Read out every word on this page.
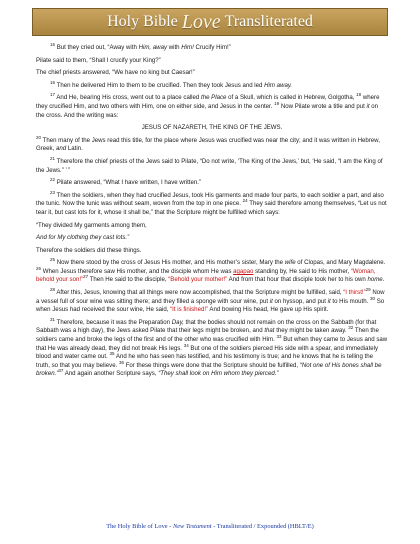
Holy Bible Love Transliterated

$^{15}$ But they cried out, “Away with Him, away with Him! Crucify Him!”

Pilate said to them, “Shall I crucify your King?”

The chief priests answered, “We have no king but Caesar!”

$^{16}$ Then he delivered Him to them to be crucified. Then they took Jesus and led Him away.

$^{17}$ And He, bearing His cross, went out to a place called the Place of a Skull, which is called in Hebrew, Golgotha, $^{18}$ where they crucified Him, and two others with Him, one on either side, and Jesus in the center. $^{19}$ Now Pilate wrote a title and put it on the cross. And the writing was:

JESUS OF NAZARETH, THE KING OF THE JEWS.

$^{20}$ Then many of the Jews read this title, for the place where Jesus was crucified was near the city; and it was written in Hebrew, Greek, and Latin.

$^{21}$ Therefore the chief priests of the Jews said to Pilate, “Do not write, ‘The King of the Jews,’ but, ‘He said, “I am the King of the Jews.” ’ ”

$^{22}$ Pilate answered, “What I have written, I have written.”

$^{23}$ Then the soldiers, when they had crucified Jesus, took His garments and made four parts, to each soldier a part, and also the tunic. Now the tunic was without seam, woven from the top in one piece. $^{24}$ They said therefore among themselves, “Let us not tear it, but cast lots for it, whose it shall be,” that the Scripture might be fulfilled which says:

“They divided My garments among them,

And for My clothing they cast lots.”

Therefore the soldiers did these things.

$^{25}$ Now there stood by the cross of Jesus His mother, and His mother’s sister, Mary the wife of Clopas, and Mary Magdalene. $^{26}$ When Jesus therefore saw His mother, and the disciple whom He was agapao standing by, He said to His mother, “Woman, behold your son!”$^{27}$ Then He said to the disciple, “Behold your mother!” And from that hour that disciple took her to his own home.

$^{28}$ After this, Jesus, knowing that all things were now accomplished, that the Scripture might be fulfilled, said, “I thirst!”$^{29}$ Now a vessel full of sour wine was sitting there; and they filled a sponge with sour wine, put it on hyssop, and put it to His mouth. $^{30}$ So when Jesus had received the sour wine, He said, “It is finished!” And bowing His head, He gave up His spirit.

$^{31}$ Therefore, because it was the Preparation Day, that the bodies should not remain on the cross on the Sabbath (for that Sabbath was a high day), the Jews asked Pilate that their legs might be broken, and that they might be taken away. $^{32}$ Then the soldiers came and broke the legs of the first and of the other who was crucified with Him. $^{33}$ But when they came to Jesus and saw that He was already dead, they did not break His legs. $^{34}$ But one of the soldiers pierced His side with a spear, and immediately blood and water came out. $^{35}$ And he who has seen has testified, and his testimony is true; and he knows that he is telling the truth, so that you may believe. $^{36}$ For these things were done that the Scripture should be fulfilled, “Not one of His bones shall be broken.”$^{37}$ And again another Scripture says, “They shall look on Him whom they pierced.”

The Holy Bible of Love - New Testament - Transliterated / Expounded (HBLT/E)
